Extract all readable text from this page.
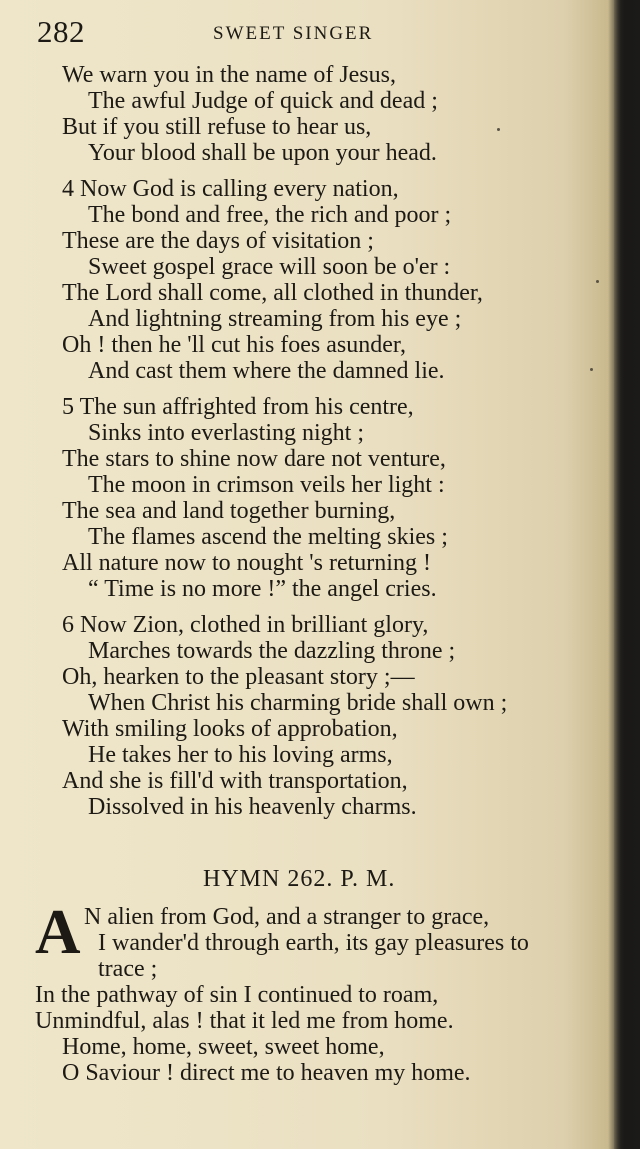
282	SWEET SINGER

We warn you in the name of Jesus,

The awful Judge of quick and dead ;

But if you still refuse to hear us,

Your blood shall be upon your head.

4 Now God is calling every nation,

The bond and free, the rich and poor ;

These are the days of visitation ;

Sweet gospel grace will soon be o'er :

The Lord shall come, all clothed in thunder,

And lightning streaming from his eye ;

Oh ! then he 'll cut his foes asunder,

And cast them where the damned lie.

5 The sun affrighted from his centre,

Sinks into everlasting night ;

The stars to shine now dare not venture,

The moon in crimson veils her light :

The sea and land together burning,

The flames ascend the melting skies ;

All nature now to nought 's returning !

“ Time is no more !” the angel cries.

6 Now Zion, clothed in brilliant glory,

Marches towards the dazzling throne ;

Oh, hearken to the pleasant story ;—

When Christ his charming bride shall own ;

With smiling looks of approbation,

He takes her to his loving arms,

And she is fill'd with transportation,

Dissolved in his heavenly charms.

HYMN 262. P. M.
A N alien from God, and a stranger to grace,

I wander'd through earth, its gay pleasures to

trace ;

In the pathway of sin I continued to roam,

Unmindful, alas ! that it led me from home.

Home, home, sweet, sweet home,

O Saviour ! direct me to heaven my home.
